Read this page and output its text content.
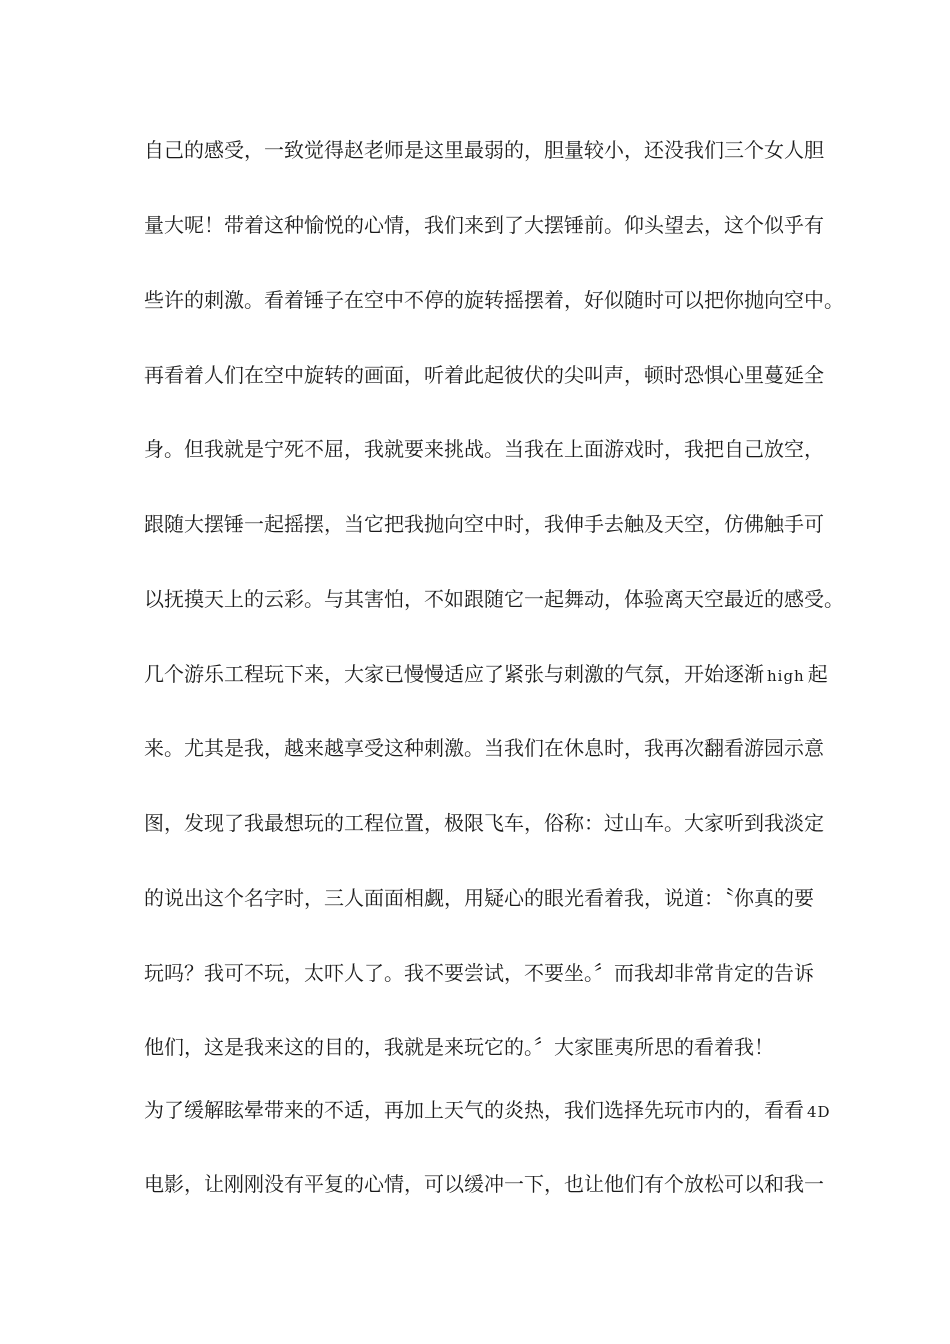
自己的感受，一致觉得赵老师是这里最弱的，胆量较小，还没我们三个女人胆
量大呢！带着这种愉悦的心情，我们来到了大摆锤前。仰头望去，这个似乎有
些许的刺激。看着锤子在空中不停的旋转摇摆着，好似随时可以把你抛向空中。
再看着人们在空中旋转的画面，听着此起彼伏的尖叫声，顿时恐惧心里蔓延全
身。但我就是宁死不屈，我就要来挑战。当我在上面游戏时，我把自己放空，
跟随大摆锤一起摇摆，当它把我抛向空中时，我伸手去触及天空，仿佛触手可
以抚摸天上的云彩。与其害怕，不如跟随它一起舞动，体验离天空最近的感受。
几个游乐工程玩下来，大家已慢慢适应了紧张与刺激的气氛，开始逐渐 high 起
来。尤其是我，越来越享受这种刺激。当我们在休息时，我再次翻看游园示意
图，发现了我最想玩的工程位置，极限飞车，俗称：过山车。大家听到我淡定
的说出这个名字时，三人面面相觑，用疑心的眼光看着我，说道：〝你真的要
玩吗？我可不玩，太吓人了。我不要尝试，不要坐。〞而我却非常肯定的告诉
他们，这是我来这的目的，我就是来玩它的。〞大家匪夷所思的看着我！
为了缓解眩晕带来的不适，再加上天气的炎热，我们选择先玩市内的，看看 4D
电影，让刚刚没有平复的心情，可以缓冲一下，也让他们有个放松可以和我一
